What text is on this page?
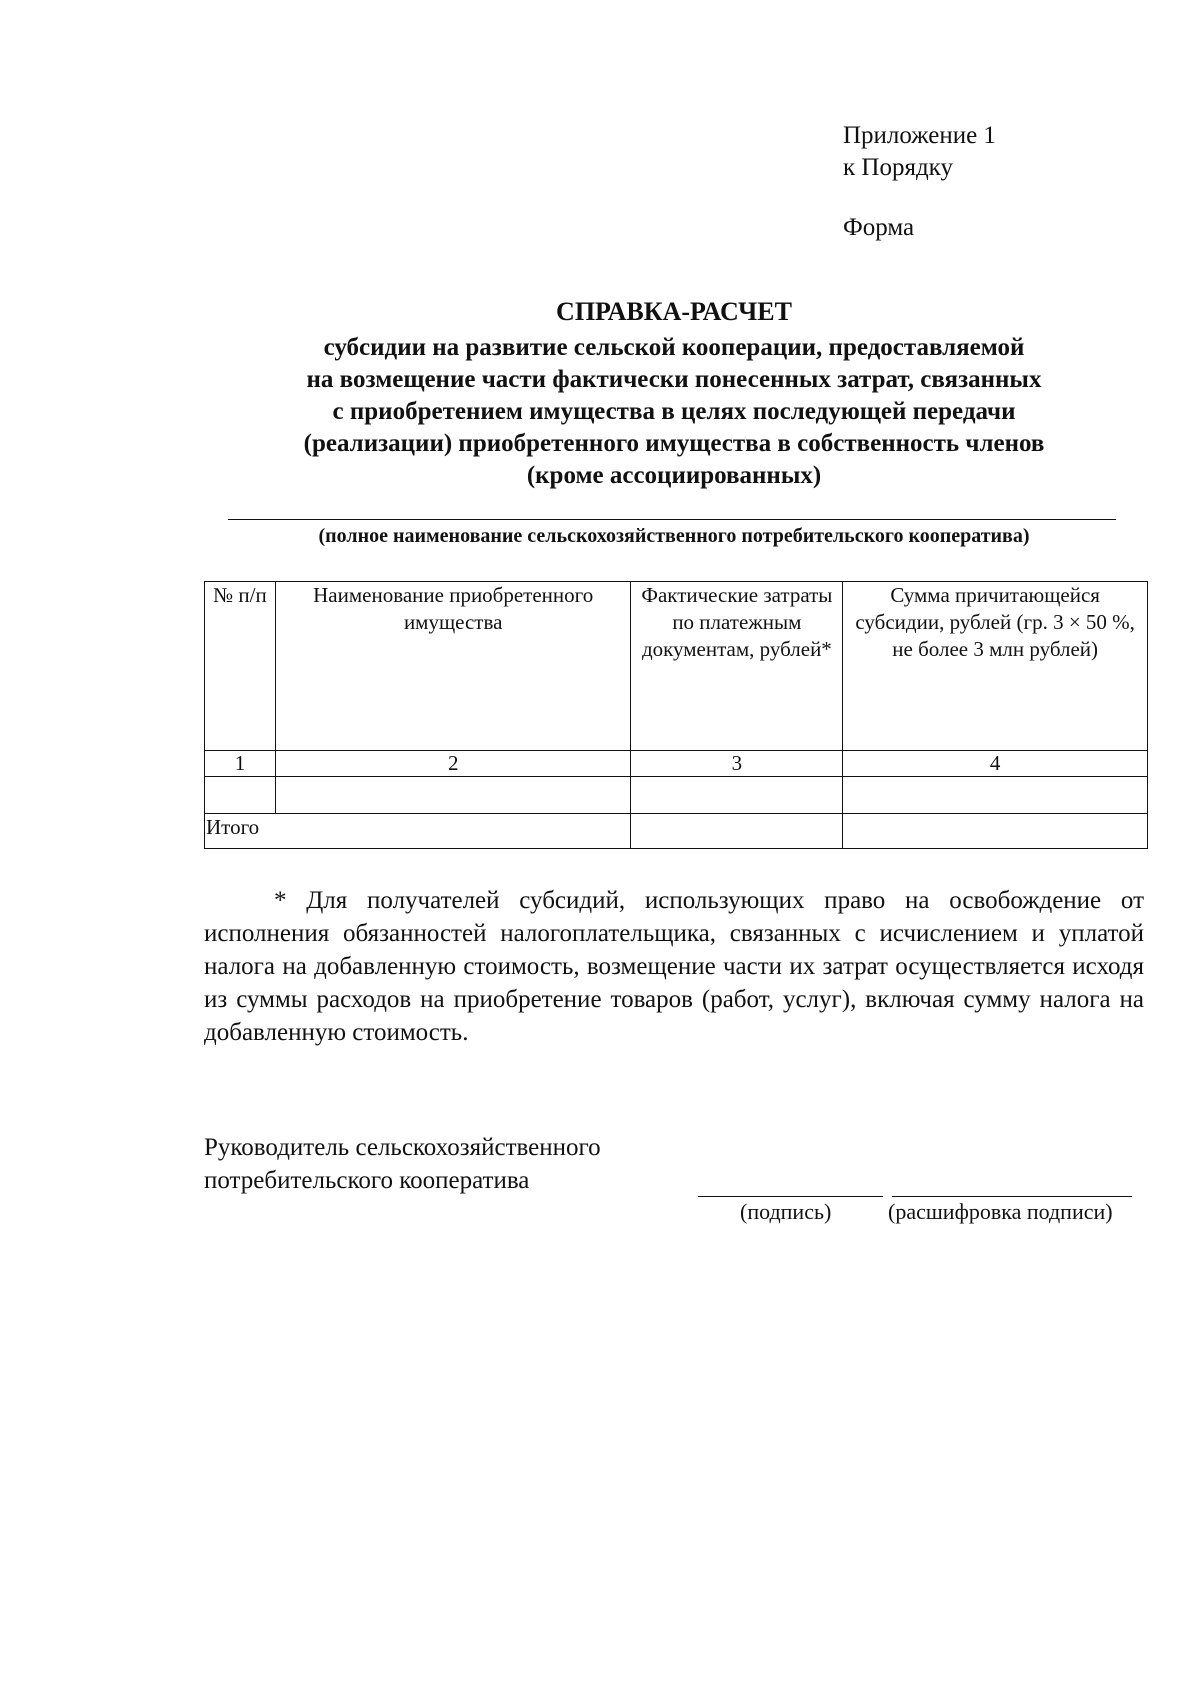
Приложение 1
к Порядку
Форма
СПРАВКА-РАСЧЕТ
субсидии на развитие сельской кооперации, предоставляемой
на возмещение части фактически понесенных затрат, связанных
с приобретением имущества в целях последующей передачи
(реализации) приобретенного имущества в собственность членов
(кроме ассоциированных)
(полное наименование сельскохозяйственного потребительского кооператива)
№ п/п	Наименование приобретенного имущества	Фактические затраты по платежным документам, рублей*	Сумма причитающейся субсидии, рублей (гр. 3 × 50 %, не более 3 млн рублей)
1	2	3	4

Итого			
* Для получателей субсидий, использующих право на освобождение от исполнения обязанностей налогоплательщика, связанных с исчислением и уплатой налога на добавленную стоимость, возмещение части их затрат осуществляется исходя из суммы расходов на приобретение товаров (работ, услуг), включая сумму налога на добавленную стоимость.
Руководитель сельскохозяйственного
потребительского кооператива
(подпись)	(расшифровка подписи)
